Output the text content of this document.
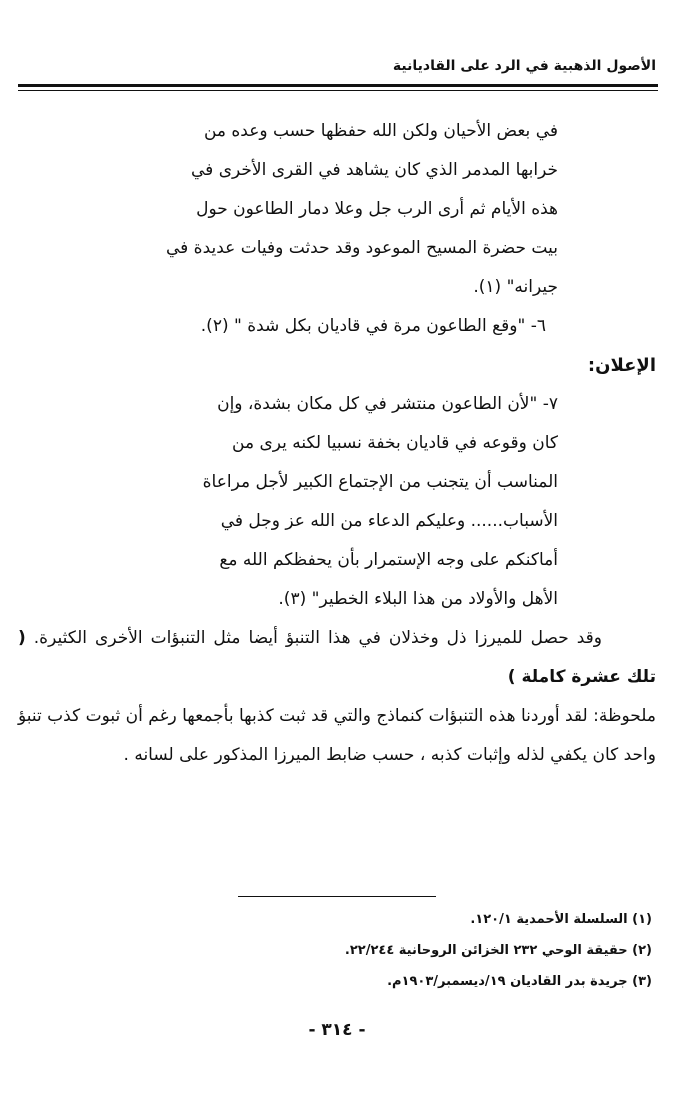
الأصول الذهبية في الرد على القاديانية

في بعض الأحيان ولكن الله حفظها حسب وعده من

خرابها المدمر الذي كان يشاهد في القرى الأخرى في

هذه الأيام ثم أرى الرب جل وعلا دمار الطاعون حول

بيت حضرة المسيح الموعود وقد حدثت وفيات عديدة في

جيرانه" (١).

٦- "وقع الطاعون مرة في قاديان بكل شدة " (٢).

الإعلان:

٧- "لأن الطاعون منتشر في كل مكان بشدة، وإن

كان وقوعه في قاديان بخفة نسبيا لكنه يرى من

المناسب أن يتجنب من الإجتماع الكبير لأجل مراعاة

الأسباب...... وعليكم الدعاء من الله عز وجل في

أماكنكم على وجه الإستمرار بأن يحفظكم الله مع

الأهل والأولاد من هذا البلاء الخطير" (٣).

وقد حصل للميرزا ذل وخذلان في هذا التنبؤ أيضا مثل التنبؤات الأخرى الكثيرة. ( تلك عشرة كاملة )

ملحوظة: لقد أوردنا هذه التنبؤات كنماذج والتي قد ثبت كذبها بأجمعها رغم أن ثبوت كذب تنبؤ واحد كان يكفي لذله وإثبات كذبه ، حسب ضابط الميرزا المذكور على لسانه .

(١) السلسلة الأحمدية ١٢٠/١.
(٢) حقيقة الوحي ٢٣٢ الخزائن الروحانية ٢٢/٢٤٤.
(٣) جريدة بدر القاديان ١٩/ديسمبر/١٩٠٣م.
- ٣١٤ -
